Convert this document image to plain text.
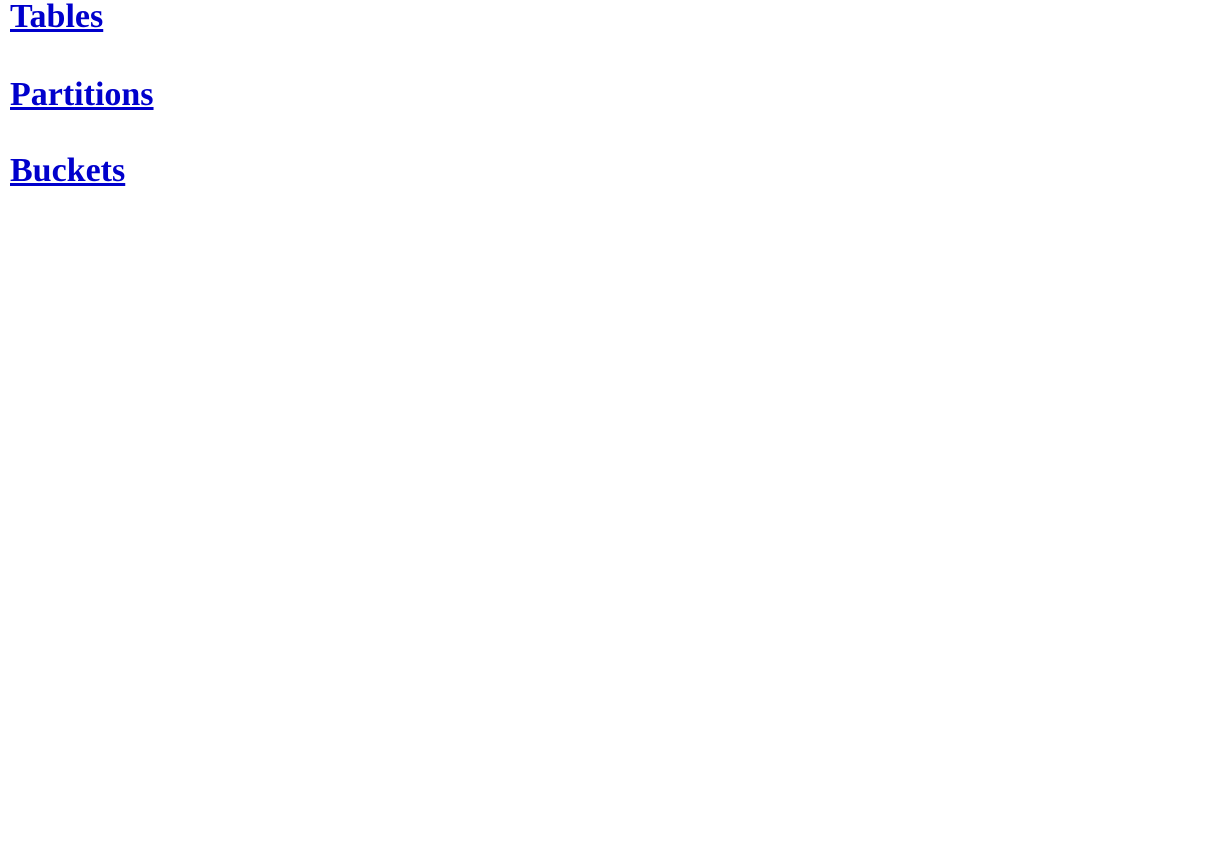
Tables

Partitions

Buckets
